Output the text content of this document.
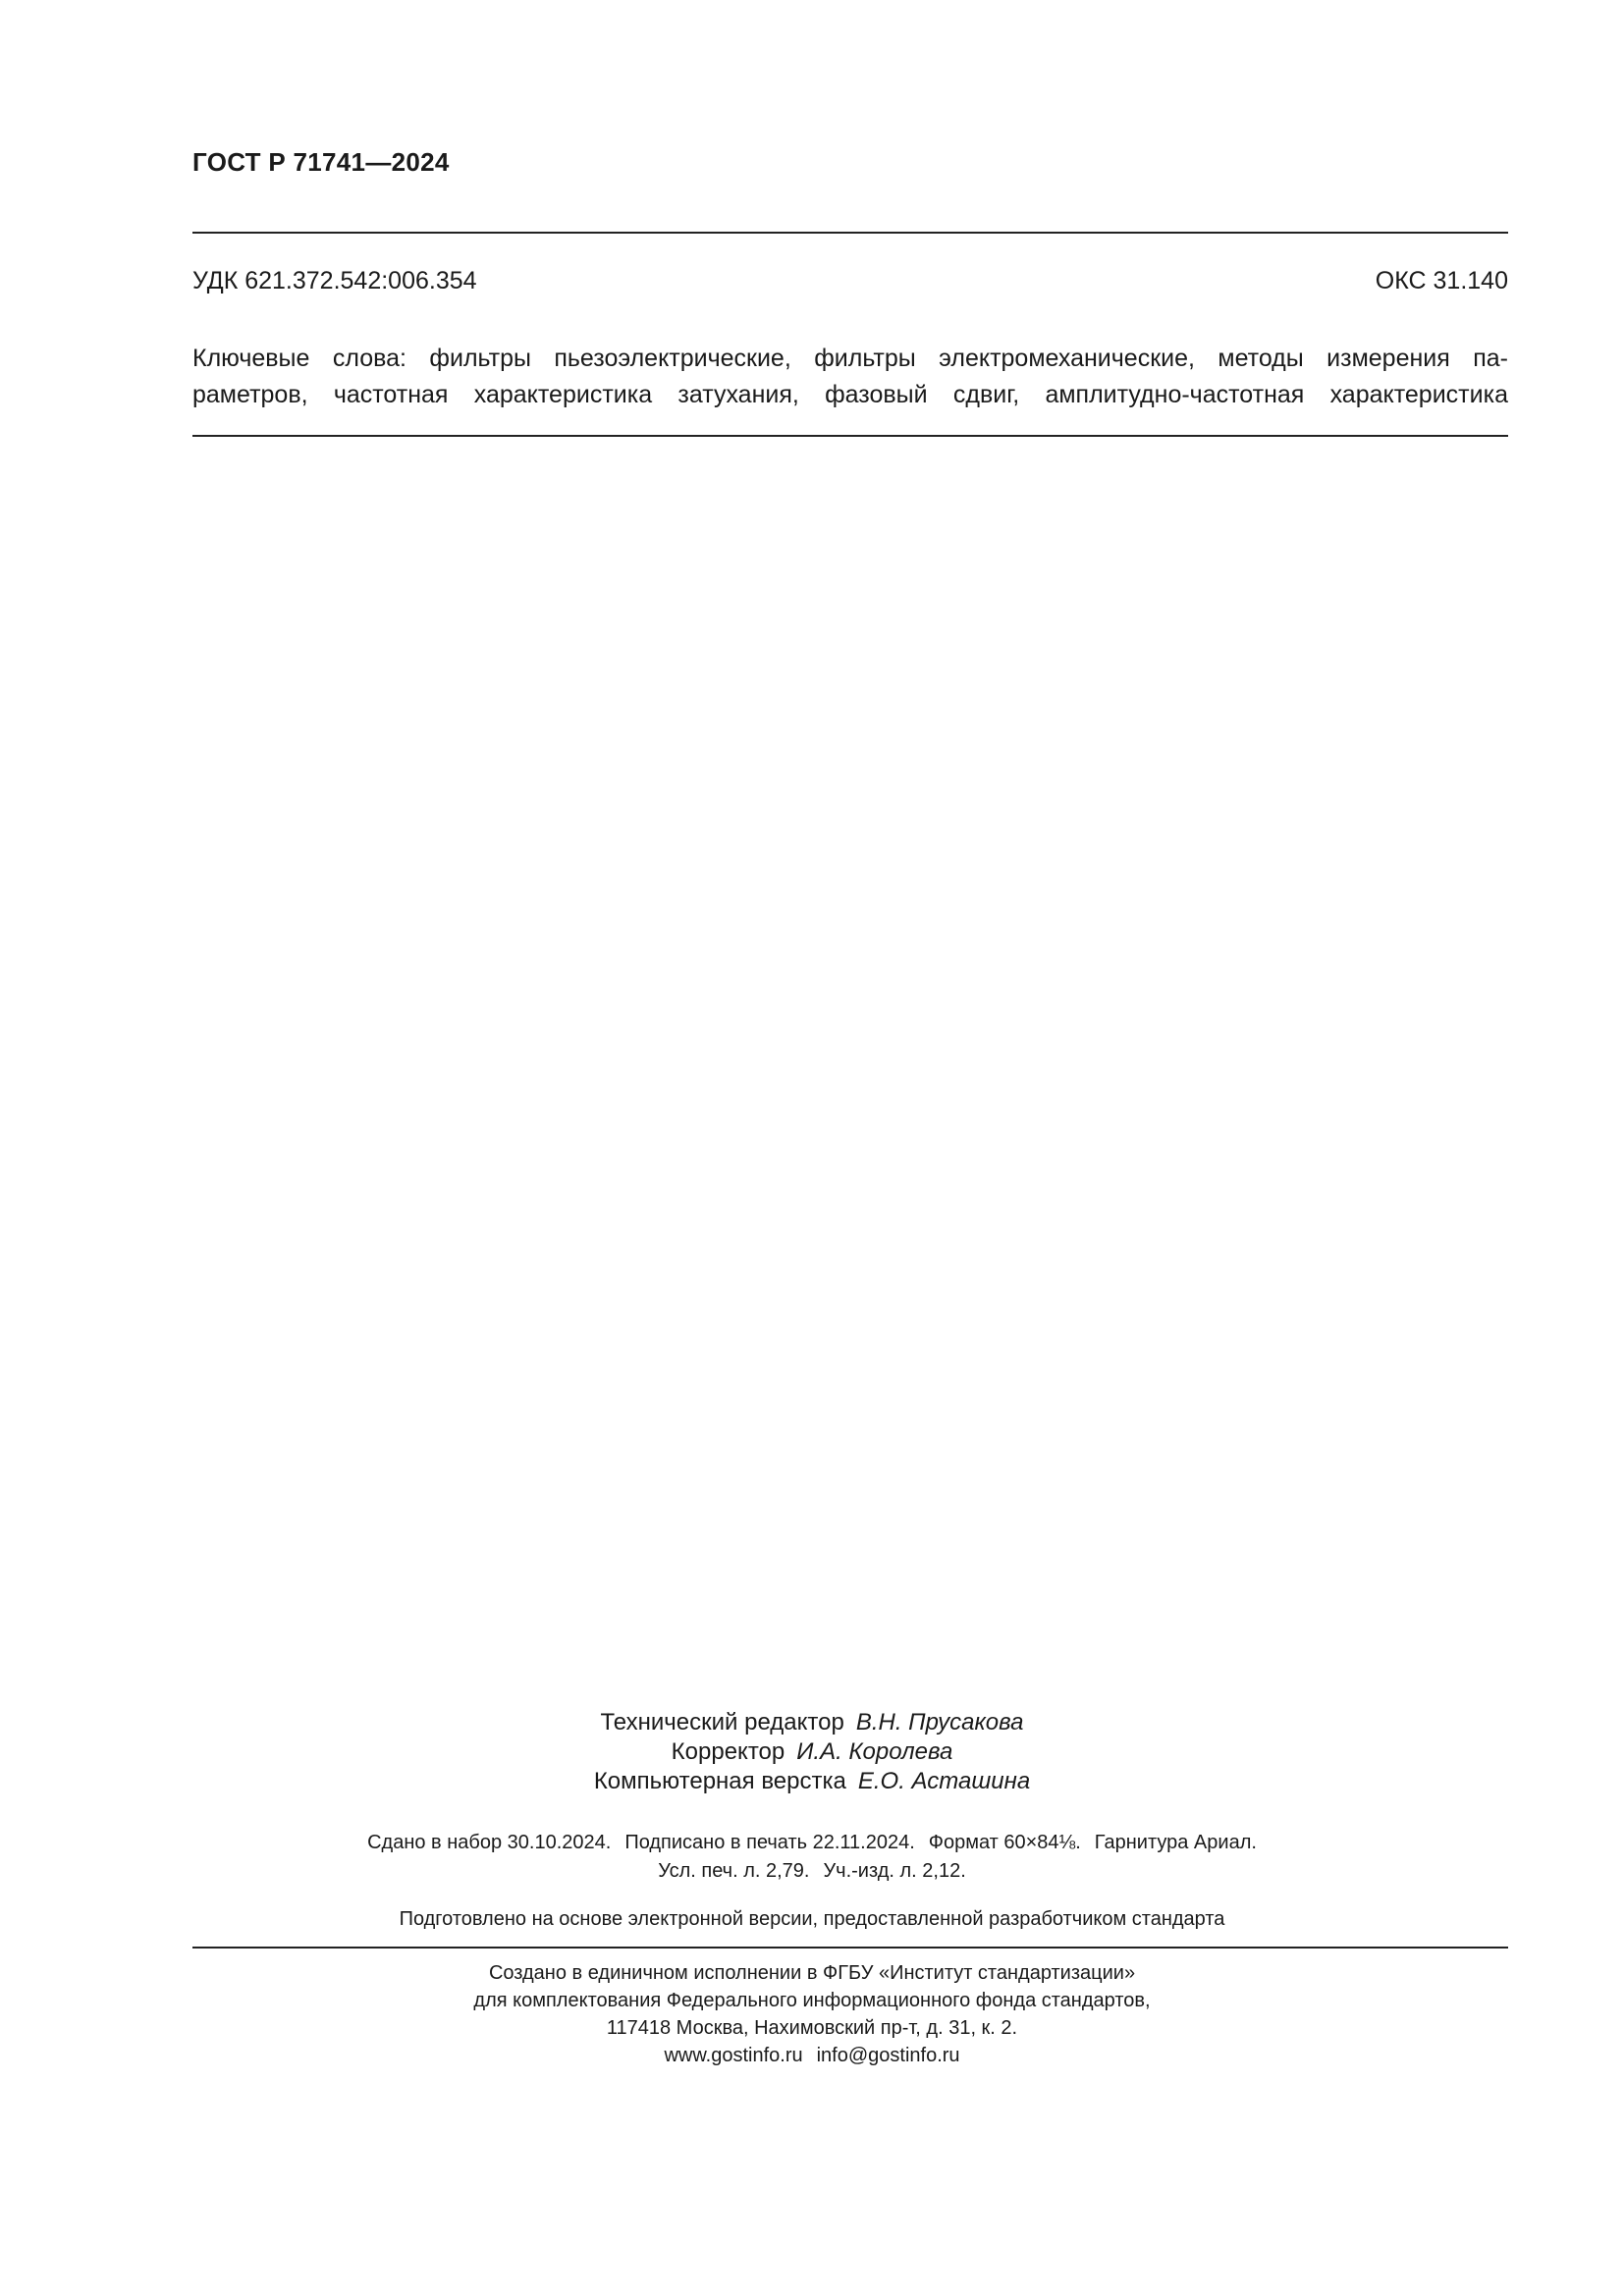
ГОСТ Р 71741—2024
УДК 621.372.542:006.354	ОКС 31.140
Ключевые слова: фильтры пьезоэлектрические, фильтры электромеханические, методы измерения па-
раметров, частотная характеристика затухания, фазовый сдвиг, амплитудно-частотная характеристика
Технический редактор В.Н. Прусакова
Корректор И.А. Королева
Компьютерная верстка Е.О. Асташина
Сдано в набор 30.10.2024. Подписано в печать 22.11.2024. Формат 60×84⅛. Гарнитура Ариал.
Усл. печ. л. 2,79. Уч.-изд. л. 2,12.
Подготовлено на основе электронной версии, предоставленной разработчиком стандарта
Создано в единичном исполнении в ФГБУ «Институт стандартизации»
для комплектования Федерального информационного фонда стандартов,
117418 Москва, Нахимовский пр-т, д. 31, к. 2.
www.gostinfo.ru info@gostinfo.ru
